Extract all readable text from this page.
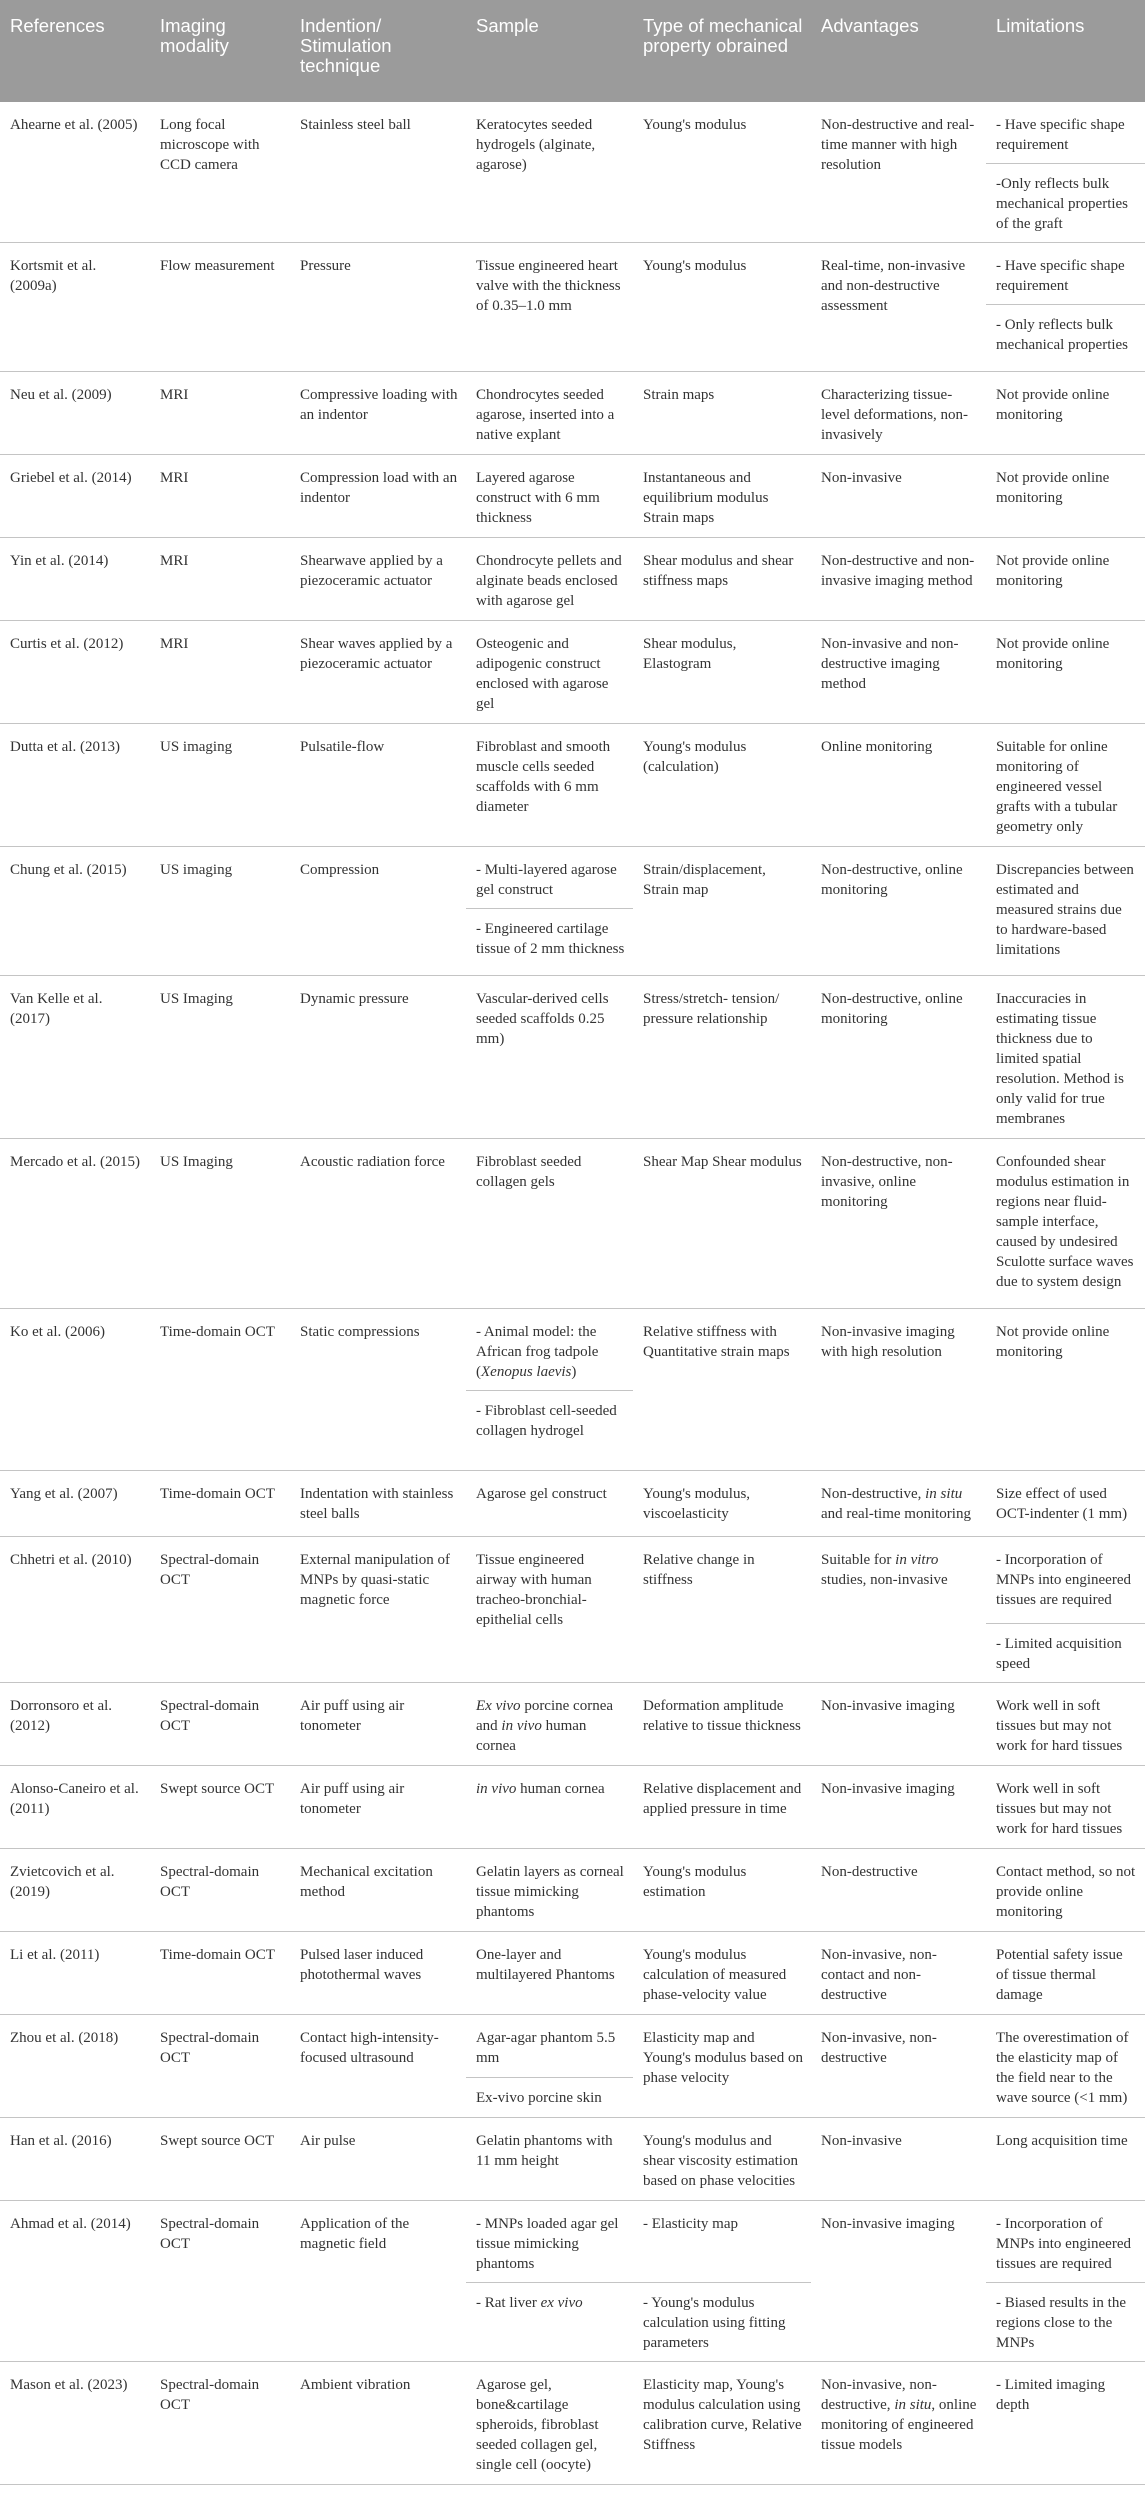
References	Imaging modality	Indention/ Stimulation technique	Sample	Type of mechanical property obrained	Advantages	Limitations
Ahearne et al. (2005)	Long focal microscope with CCD camera	Stainless steel ball	Keratocytes seeded hydrogels (alginate, agarose)	Young's modulus	Non-destructive and real-time manner with high resolution	- Have specific shape requirement
						-Only reflects bulk mechanical properties of the graft
Kortsmit et al. (2009a)	Flow measurement	Pressure	Tissue engineered heart valve with the thickness of 0.35–1.0 mm	Young's modulus	Real-time, non-invasive and non-destructive assessment	- Have specific shape requirement
						- Only reflects bulk mechanical properties
Neu et al. (2009)	MRI	Compressive loading with an indentor	Chondrocytes seeded agarose, inserted into a native explant	Strain maps	Characterizing tissue-level deformations, non-invasively	Not provide online monitoring
Griebel et al. (2014)	MRI	Compression load with an indentor	Layered agarose construct with 6 mm thickness	Instantaneous and equilibrium modulus Strain maps	Non-invasive	Not provide online monitoring
Yin et al. (2014)	MRI	Shearwave applied by a piezoceramic actuator	Chondrocyte pellets and alginate beads enclosed with agarose gel	Shear modulus and shear stiffness maps	Non-destructive and non-invasive imaging method	Not provide online monitoring
Curtis et al. (2012)	MRI	Shear waves applied by a piezoceramic actuator	Osteogenic and adipogenic construct enclosed with agarose gel	Shear modulus, Elastogram	Non-invasive and non-destructive imaging method	Not provide online monitoring
Dutta et al. (2013)	US imaging	Pulsatile-flow	Fibroblast and smooth muscle cells seeded scaffolds with 6 mm diameter	Young's modulus (calculation)	Online monitoring	Suitable for online monitoring of engineered vessel grafts with a tubular geometry only
Chung et al. (2015)	US imaging	Compression	- Multi-layered agarose gel construct	Strain/displacement, Strain map	Non-destructive, online monitoring	Discrepancies between estimated and measured strains due to hardware-based limitations
			- Engineered cartilage tissue of 2 mm thickness			
Van Kelle et al. (2017)	US Imaging	Dynamic pressure	Vascular-derived cells seeded scaffolds 0.25 mm)	Stress/stretch- tension/ pressure relationship	Non-destructive, online monitoring	Inaccuracies in estimating tissue thickness due to limited spatial resolution. Method is only valid for true membranes
Mercado et al. (2015)	US Imaging	Acoustic radiation force	Fibroblast seeded collagen gels	Shear Map Shear modulus	Non-destructive, non-invasive, online monitoring	Confounded shear modulus estimation in regions near fluid-sample interface, caused by undesired Sculotte surface waves due to system design
Ko et al. (2006)	Time-domain OCT	Static compressions	- Animal model: the African frog tadpole (Xenopus laevis)	Relative stiffness with Quantitative strain maps	Non-invasive imaging with high resolution	Not provide online monitoring
			- Fibroblast cell-seeded collagen hydrogel			
Yang et al. (2007)	Time-domain OCT	Indentation with stainless steel balls	Agarose gel construct	Young's modulus, viscoelasticity	Non-destructive, in situ and real-time monitoring	Size effect of used OCT-indenter (1 mm)
Chhetri et al. (2010)	Spectral-domain OCT	External manipulation of MNPs by quasi-static magnetic force	Tissue engineered airway with human tracheo-bronchial-epithelial cells	Relative change in stiffness	Suitable for in vitro studies, non-invasive	- Incorporation of MNPs into engineered tissues are required
						- Limited acquisition speed
Dorronsoro et al. (2012)	Spectral-domain OCT	Air puff using air tonometer	Ex vivo porcine cornea and in vivo human cornea	Deformation amplitude relative to tissue thickness	Non-invasive imaging	Work well in soft tissues but may not work for hard tissues
Alonso-Caneiro et al. (2011)	Swept source OCT	Air puff using air tonometer	in vivo human cornea	Relative displacement and applied pressure in time	Non-invasive imaging	Work well in soft tissues but may not work for hard tissues
Zvietcovich et al. (2019)	Spectral-domain OCT	Mechanical excitation method	Gelatin layers as corneal tissue mimicking phantoms	Young's modulus estimation	Non-destructive	Contact method, so not provide online monitoring
Li et al. (2011)	Time-domain OCT	Pulsed laser induced photothermal waves	One-layer and multilayered Phantoms	Young's modulus calculation of measured phase-velocity value	Non-invasive, non-contact and non-destructive	Potential safety issue of tissue thermal damage
Zhou et al. (2018)	Spectral-domain OCT	Contact high-intensity-focused ultrasound	Agar-agar phantom 5.5 mm	Elasticity map and Young's modulus based on phase velocity	Non-invasive, non-destructive	The overestimation of the elasticity map of the field near to the wave source (<1 mm)
			Ex-vivo porcine skin			
Han et al. (2016)	Swept source OCT	Air pulse	Gelatin phantoms with 11 mm height	Young's modulus and shear viscosity estimation based on phase velocities	Non-invasive	Long acquisition time
Ahmad et al. (2014)	Spectral-domain OCT	Application of the magnetic field	- MNPs loaded agar gel tissue mimicking phantoms	- Elasticity map	Non-invasive imaging	- Incorporation of MNPs into engineered tissues are required
			- Rat liver ex vivo	- Young's modulus calculation using fitting parameters		- Biased results in the regions close to the MNPs
Mason et al. (2023)	Spectral-domain OCT	Ambient vibration	Agarose gel, bone&cartilage spheroids, fibroblast seeded collagen gel, single cell (oocyte)	Elasticity map, Young's modulus calculation using calibration curve, Relative Stiffness	Non-invasive, non-destructive, in situ, online monitoring of engineered tissue models	- Limited imaging depth
